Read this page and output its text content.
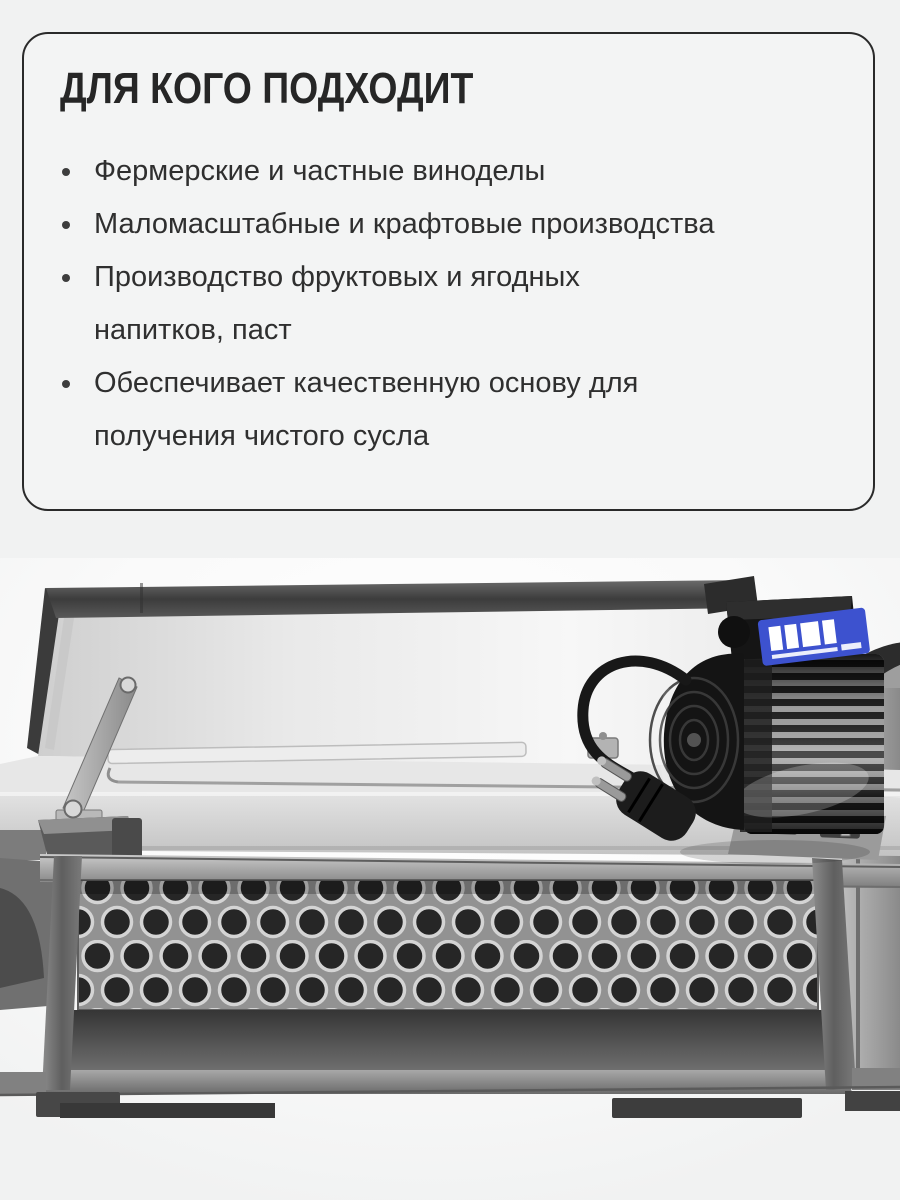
ДЛЯ КОГО ПОДХОДИТ
Фермерские и частные виноделы
Маломасштабные и крафтовые производства
Производство фруктовых и ягодных
напитков, паст
Обеспечивает качественную основу для
получения чистого сусла
